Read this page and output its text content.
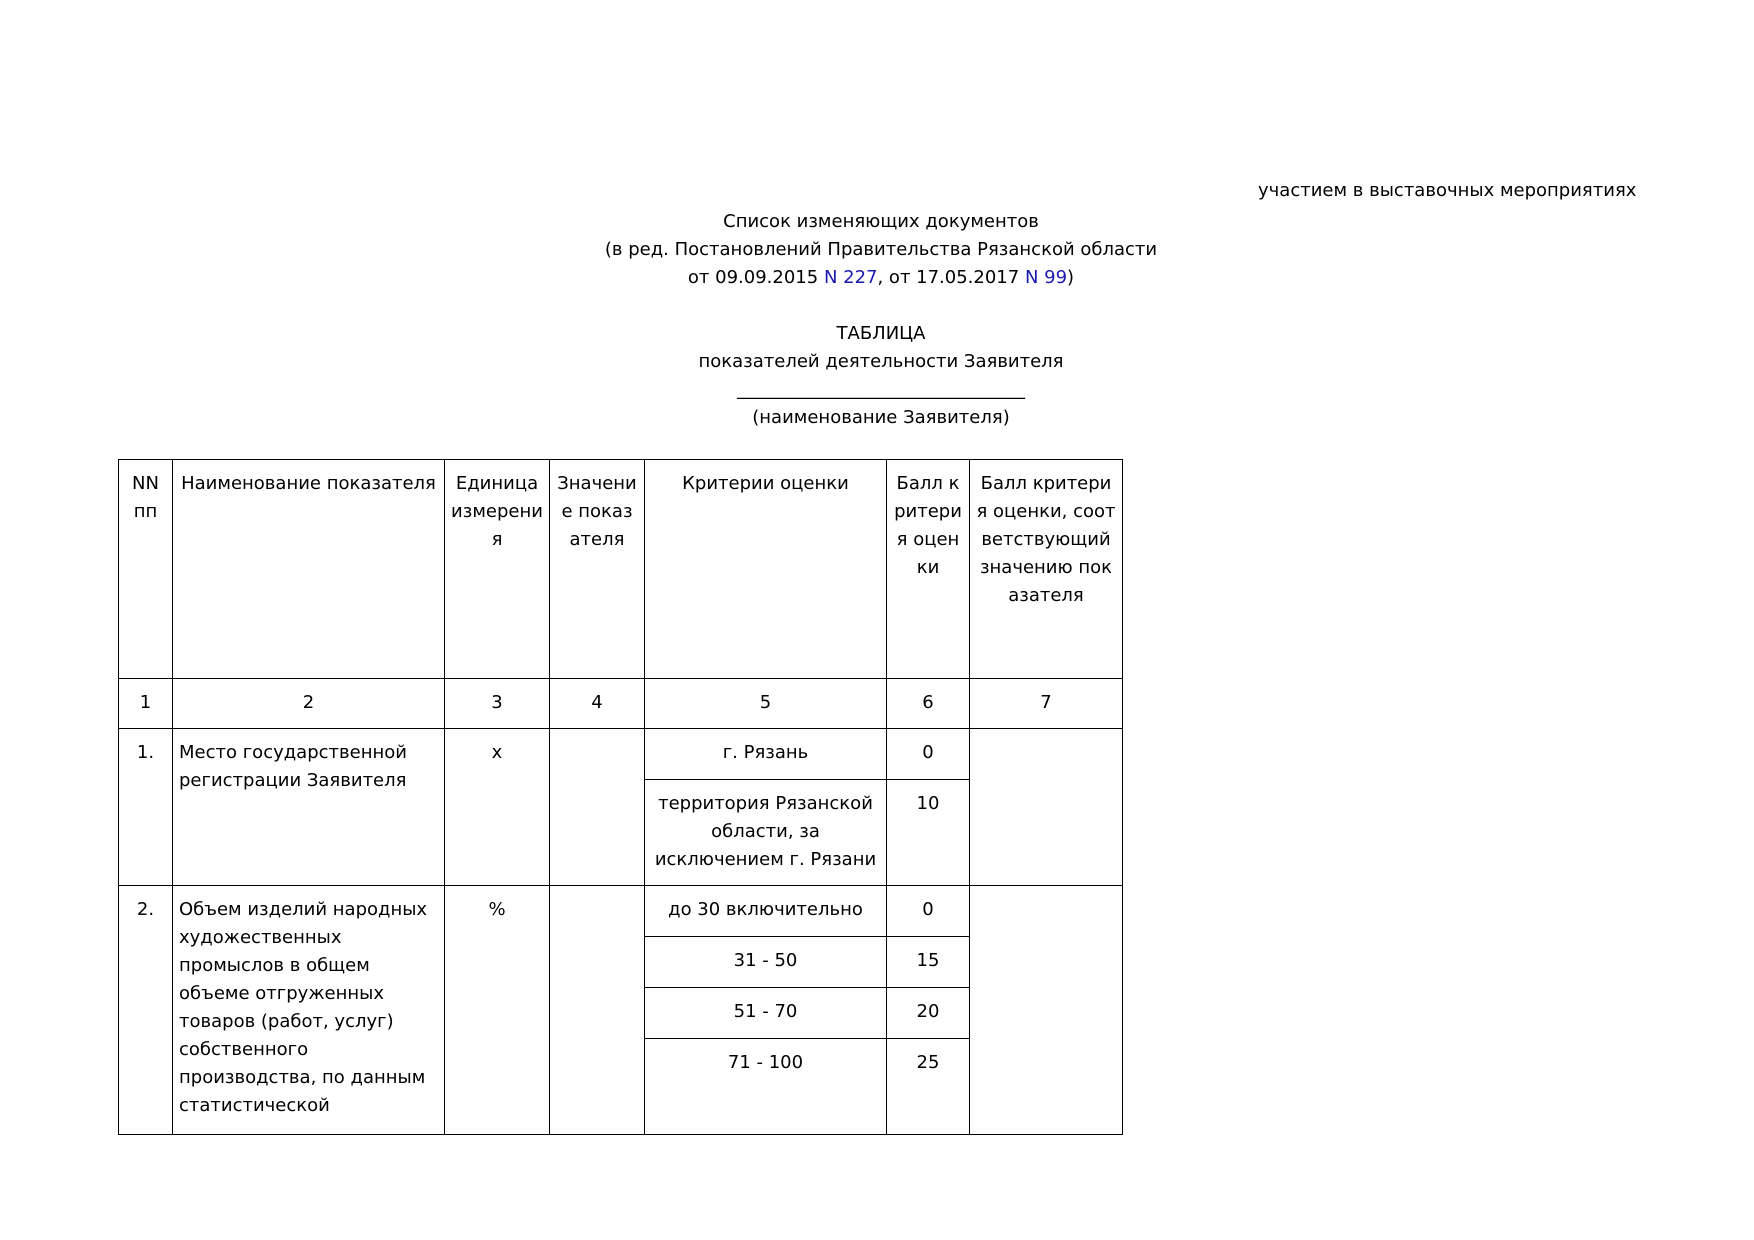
участием в выставочных мероприятиях
Список изменяющих документов
(в ред. Постановлений Правительства Рязанской области
от 09.09.2015 N 227, от 17.05.2017 N 99)
ТАБЛИЦА
показателей деятельности Заявителя
________________________________
(наименование Заявителя)
NN пп	Наименование показателя	Единица измерения	Значение показателя	Критерии оценки	Балл критерия оценки	Балл критерия оценки, соответствующий значению показателя
1	2	3	4	5	6	7
1.	Место государственной регистрации Заявителя	x		г. Рязань	0	
				территория Рязанской области, за исключением г. Рязани	10	
2.	Объем изделий народных художественных промыслов в общем объеме отгруженных товаров (работ, услуг) собственного производства, по данным статистической	%		до 30 включительно	0	
				31 - 50	15	
				51 - 70	20	
				71 - 100	25	
